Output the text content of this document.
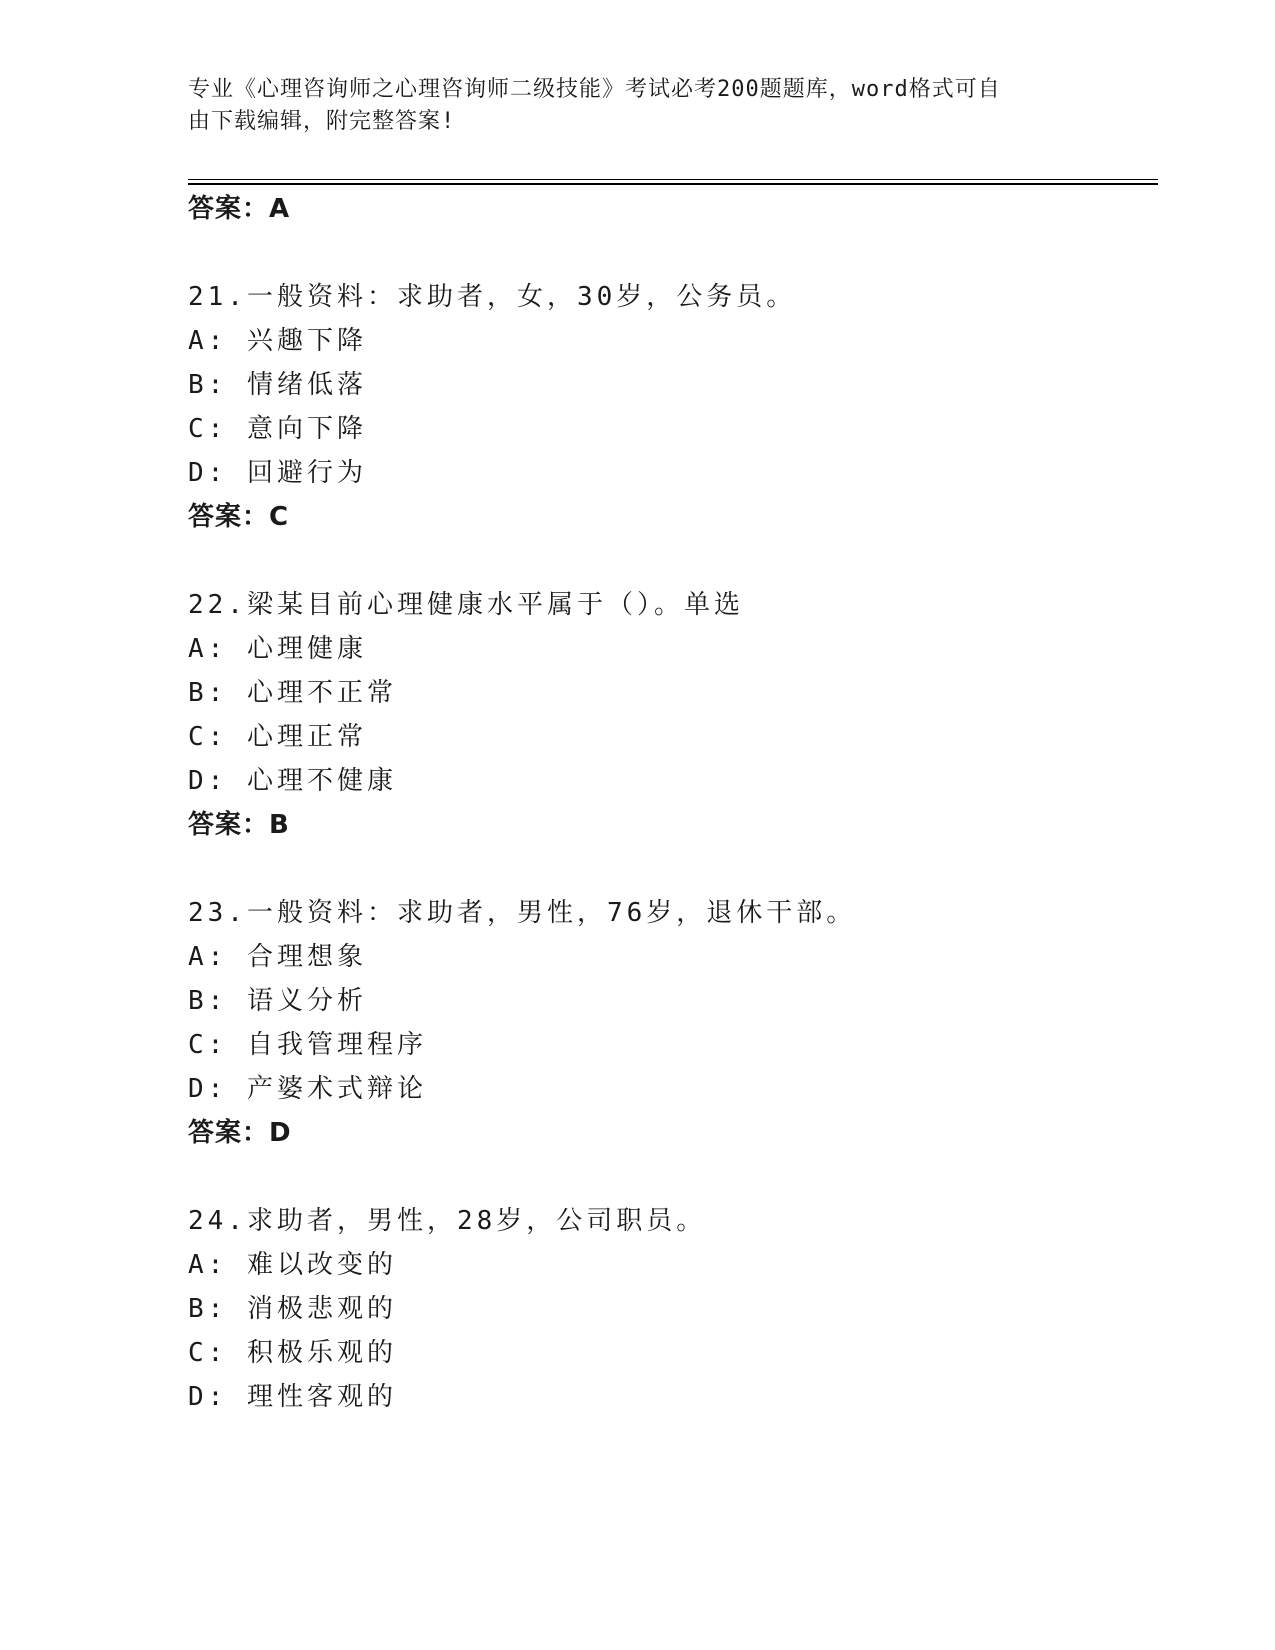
专业《心理咨询师之心理咨询师二级技能》考试必考200题题库，word格式可自
由下载编辑，附完整答案!
答案：A
21.一般资料：求助者，女，30岁，公务员。
A: 兴趣下降
B: 情绪低落
C: 意向下降
D: 回避行为
答案：C
22.梁某目前心理健康水平属于（）。单选
A: 心理健康
B: 心理不正常
C: 心理正常
D: 心理不健康
答案：B
23.一般资料：求助者，男性，76岁，退休干部。
A: 合理想象
B: 语义分析
C: 自我管理程序
D: 产婆术式辩论
答案：D
24.求助者，男性，28岁，公司职员。
A: 难以改变的
B: 消极悲观的
C: 积极乐观的
D: 理性客观的
